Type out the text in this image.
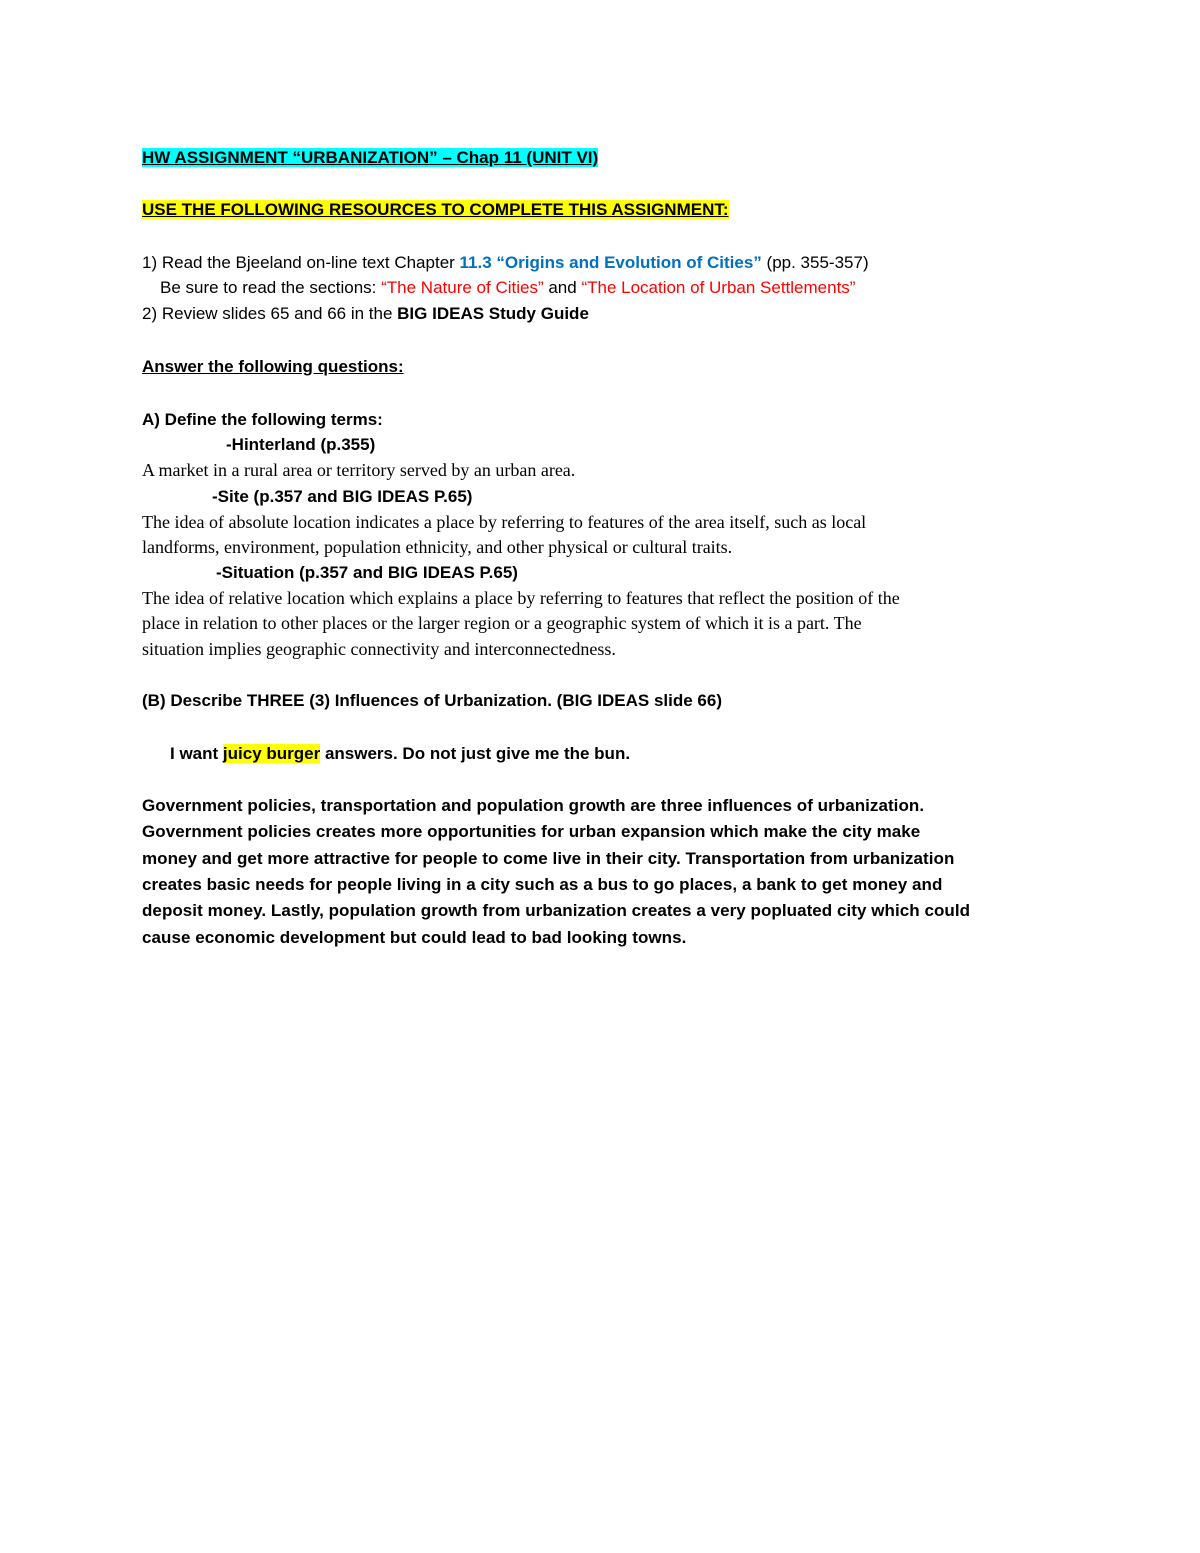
HW ASSIGNMENT “URBANIZATION” – Chap 11 (UNIT VI)
USE THE FOLLOWING RESOURCES TO COMPLETE THIS ASSIGNMENT:
1) Read the Bjeeland on-line text Chapter 11.3 “Origins and Evolution of Cities” (pp. 355-357)
Be sure to read the sections: “The Nature of Cities” and “The Location of Urban Settlements”
2) Review slides 65 and 66 in the BIG IDEAS Study Guide
Answer the following questions:
A) Define the following terms:
-Hinterland (p.355)
A market in a rural area or territory served by an urban area.
-Site (p.357 and BIG IDEAS P.65)
The idea of absolute location indicates a place by referring to features of the area itself, such as local
landforms, environment, population ethnicity, and other physical or cultural traits.
-Situation (p.357 and BIG IDEAS P.65)
The idea of relative location which explains a place by referring to features that reflect the position of the
place in relation to other places or the larger region or a geographic system of which it is a part. The
situation implies geographic connectivity and interconnectedness.
(B) Describe THREE (3) Influences of Urbanization. (BIG IDEAS slide 66)
I want juicy burger answers. Do not just give me the bun.
Government policies, transportation and population growth are three influences of urbanization.
Government policies creates more opportunities for urban expansion which make the city make
money and get more attractive for people to come live in their city. Transportation from urbanization
creates basic needs for people living in a city such as a bus to go places, a bank to get money and
deposit money. Lastly, population growth from urbanization creates a very popluated city which could
cause economic development but could lead to bad looking towns.
